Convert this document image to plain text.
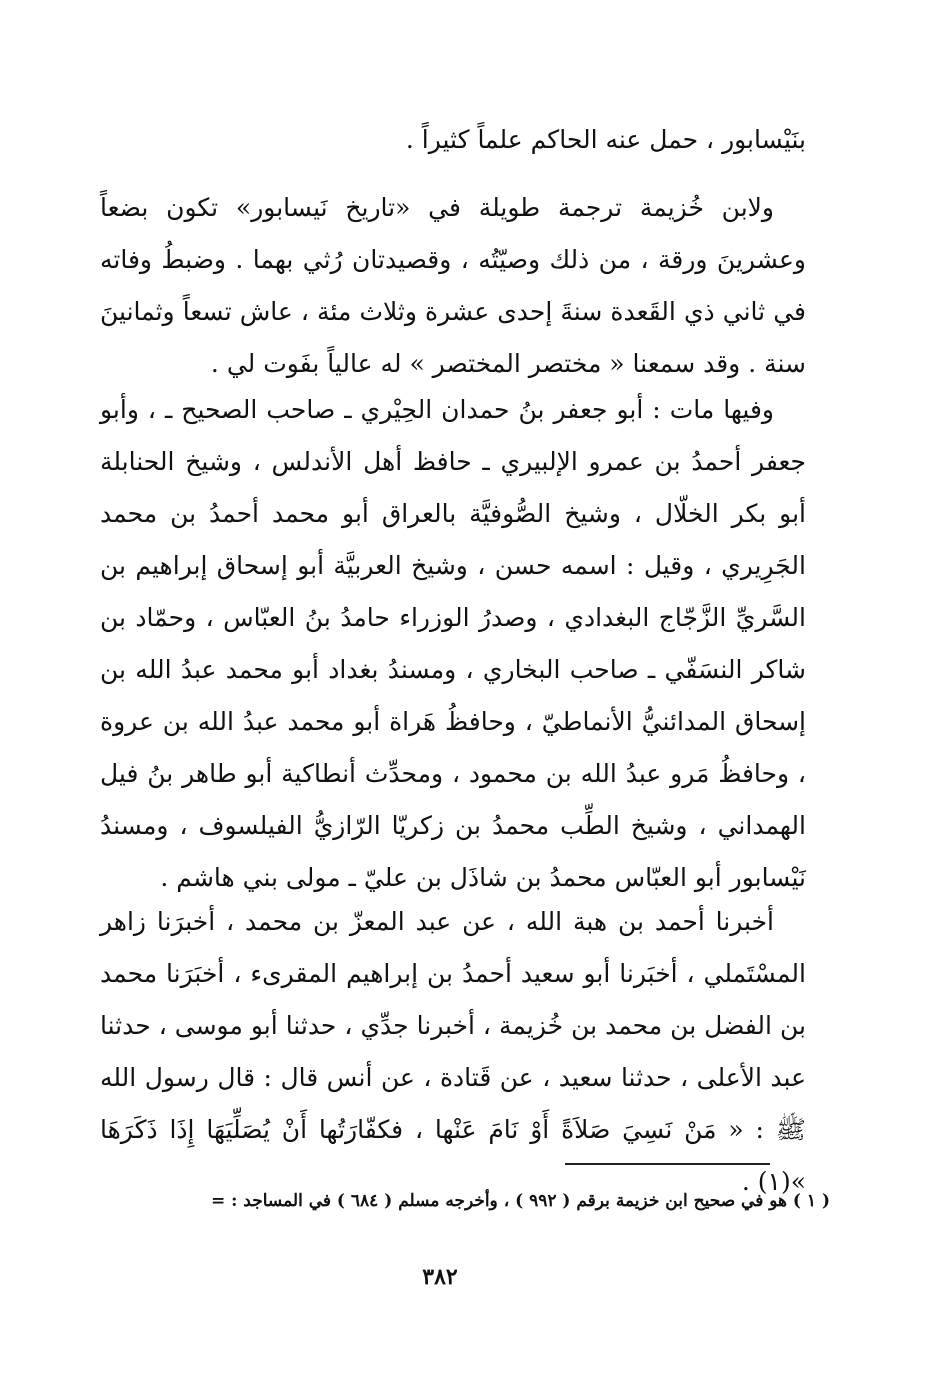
بنَيْسابور ، حمل عنه الحاكم علماً كثيراً .

ولابن خُزيمة ترجمة طويلة في «تاريخ نَيسابور» تكون بضعاً وعشرينَ ورقة ، من ذلك وصيّتُه ، وقصيدتان رُثي بهما . وضبطُ وفاته في ثاني ذي القَعدة سنةَ إحدى عشرة وثلاث مئة ، عاش تسعاً وثمانينَ سنة . وقد سمعنا « مختصر المختصر » له عالياً بفَوت لي .

وفيها مات : أبو جعفر بنُ حمدان الحِيْري ـ صاحب الصحيح ـ ، وأبو جعفر أحمدُ بن عمرو الإلبيري ـ حافظ أهل الأندلس ، وشيخ الحنابلة أبو بكر الخلّال ، وشيخ الصُّوفيَّة بالعراق أبو محمد أحمدُ بن محمد الجَرِيري ، وقيل : اسمه حسن ، وشيخ العربيَّة أبو إسحاق إبراهيم بن السَّريِّ الزَّجّاج البغدادي ، وصدرُ الوزراء حامدُ بنُ العبّاس ، وحمّاد بن شاكر النسَفّي ـ صاحب البخاري ، ومسندُ بغداد أبو محمد عبدُ الله بن إسحاق المدائنيُّ الأنماطيّ ، وحافظُ هَراة أبو محمد عبدُ الله بن عروة ، وحافظُ مَرو عبدُ الله بن محمود ، ومحدِّث أنطاكية أبو طاهر بنُ فيل الهمداني ، وشيخ الطِّب محمدُ بن زكريّا الرّازيُّ الفيلسوف ، ومسندُ نَيْسابور أبو العبّاس محمدُ بن شاذَل بن عليّ ـ مولى بني هاشم .

أخبرنا أحمد بن هبة الله ، عن عبد المعزّ بن محمد ، أخبرَنا زاهر المسْتَملي ، أخبَرنا أبو سعيد أحمدُ بن إبراهيم المقرىء ، أخبَرَنا محمد بن الفضل بن محمد بن خُزيمة ، أخبرنا جدِّي ، حدثنا أبو موسى ، حدثنا عبد الأعلى ، حدثنا سعيد ، عن قَتادة ، عن أنس قال : قال رسول الله ﷺ : « مَنْ نَسِيَ صَلاَةً أَوْ نَامَ عَنْها ، فكفّارَتُها أَنْ يُصَلِّيَهَا إِذَا ذَكَرَهَا »(١) .

( ١ ) هو في صحيح ابن خزيمة برقم ( ٩٩٢ ) ، وأخرجه مسلم ( ٦٨٤ ) في المساجد : =
٣٨٢
